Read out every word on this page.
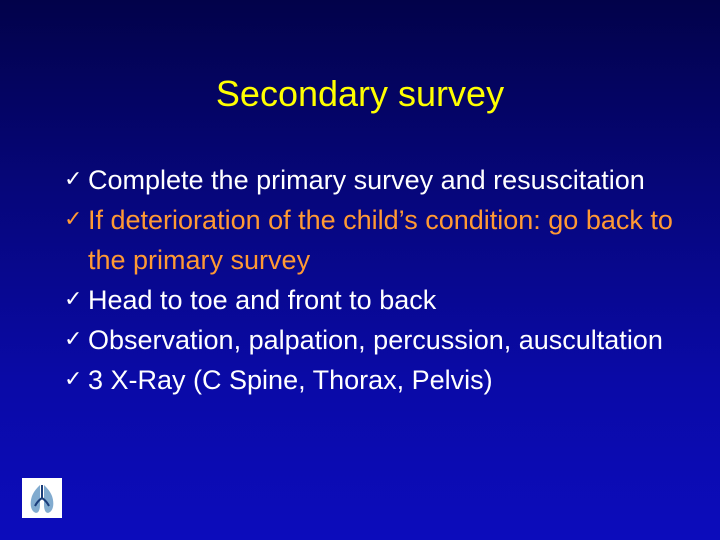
Secondary survey
✓ Complete the primary survey and resuscitation
✓ If deterioration of the child’s condition: go back to the primary survey
✓ Head to toe and front to back
✓ Observation, palpation, percussion, auscultation
✓ 3 X-Ray (C Spine, Thorax, Pelvis)
